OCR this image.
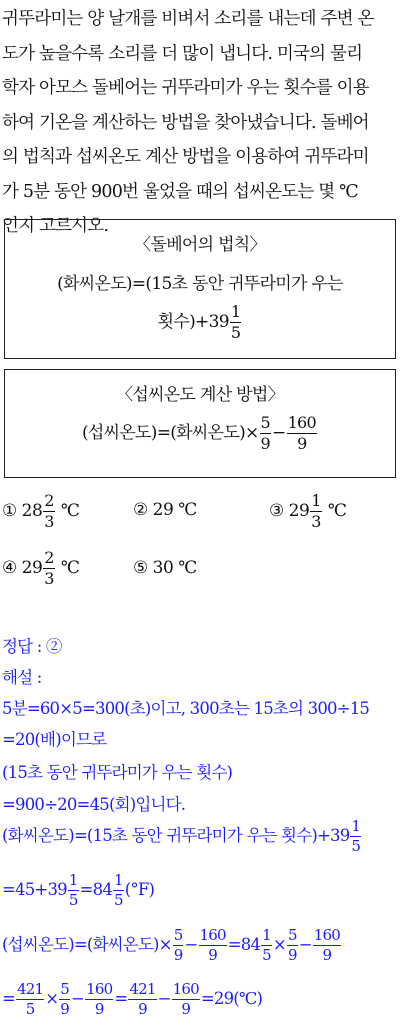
귀뚜라미는 양 날개를 비벼서 소리를 내는데 주변 온
도가 높을수록 소리를 더 많이 냅니다. 미국의 물리
학자 아모스 돌베어는 귀뚜라미가 우는 횟수를 이용
하여 기온을 계산하는 방법을 찾아냈습니다. 돌베어
의 법칙과 섭씨온도 계산 방법을 이용하여 귀뚜라미
가 5분 동안 900번 울었을 때의 섭씨온도는 몇 ℃
인지 고르시오.
〈돌베어의 법칙〉
(화씨온도)=(15초 동안 귀뚜라미가 우는
횟수)$+39 \frac{1}{5}$
〈섭씨온도 계산 방법〉
(섭씨온도)=(화씨온도)× $\frac{5}{9} - \frac{160}{9}$
① $28 \frac{2}{3}$ ℃	② 29 ℃	③ $29 \frac{1}{3}$ ℃
④ $29 \frac{2}{3}$ ℃	⑤ 30 ℃
정답 : ②
해설 :
5분=60×5=300(초)이고, 300초는 15초의 300÷15
=20(배)이므로
(15초 동안 귀뚜라미가 우는 횟수)
=900÷20=45(회)입니다.
(화씨온도)=(15초 동안 귀뚜라미가 우는 횟수)$+39 \frac{1}{5}$
$=45+39 \frac{1}{5} =84 \frac{1}{5} (^\circ F)$
(섭씨온도)=(화씨온도)× $\frac{5}{9} - \frac{160}{9} =84 \frac{1}{5} \times \frac{5}{9} - \frac{160}{9}$
= $\frac{421}{5} \times \frac{5}{9} - \frac{160}{9} = \frac{421}{9} - \frac{160}{9}$ =29(℃)
